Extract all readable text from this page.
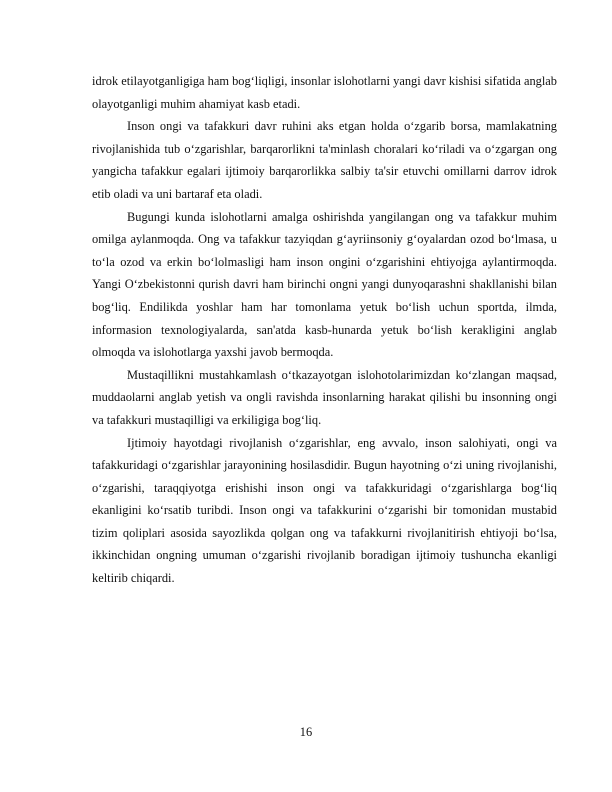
idrok etilayotganligiga ham bog‘liqligi, insonlar islohotlarni yangi davr kishisi sifatida anglab olayotganligi muhim ahamiyat kasb etadi.

Inson ongi va tafakkuri davr ruhini aks etgan holda o‘zgarib borsa, mamlakatning rivojlanishida tub o‘zgarishlar, barqarorlikni ta'minlash choralari ko‘riladi va o‘zgargan ong yangicha tafakkur egalari ijtimoiy barqarorlikka salbiy ta'sir etuvchi omillarni darrov idrok etib oladi va uni bartaraf eta oladi.

Bugungi kunda islohotlarni amalga oshirishda yangilangan ong va tafakkur muhim omilga aylanmoqda. Ong va tafakkur tazyiqdan g‘ayriinsoniy g‘oyalardan ozod bo‘lmasa, u to‘la ozod va erkin bo‘lolmasligi ham inson ongini o‘zgarishini ehtiyojga aylantirmoqda. Yangi O‘zbekistonni qurish davri ham birinchi ongni yangi dunyoqarashni shakllanishi bilan bog‘liq. Endilikda yoshlar ham har tomonlama yetuk bo‘lish uchun sportda, ilmda, informasion texnologiyalarda, san'atda kasb-hunarda yetuk bo‘lish kerakligini anglab olmoqda va islohotlarga yaxshi javob bermoqda.

Mustaqillikni mustahkamlash o‘tkazayotgan islohotolarimizdan ko‘zlangan maqsad, muddaolarni anglab yetish va ongli ravishda insonlarning harakat qilishi bu insonning ongi va tafakkuri mustaqilligi va erkiligiga bog‘liq.

Ijtimoiy hayotdagi rivojlanish o‘zgarishlar, eng avvalo, inson salohiyati, ongi va tafakkuridagi o‘zgarishlar jarayonining hosilasdidir. Bugun hayotning o‘zi uning rivojlanishi, o‘zgarishi, taraqqiyotga erishishi inson ongi va tafakkuridagi o‘zgarishlarga bog‘liq ekanligini ko‘rsatib turibdi. Inson ongi va tafakkurini o‘zgarishi bir tomonidan mustabid tizim qoliplari asosida sayozlikda qolgan ong va tafakkurni rivojlanitirish ehtiyoji bo‘lsa, ikkinchidan ongning umuman o‘zgarishi rivojlanib boradigan ijtimoiy tushuncha ekanligi keltirib chiqardi.

16
